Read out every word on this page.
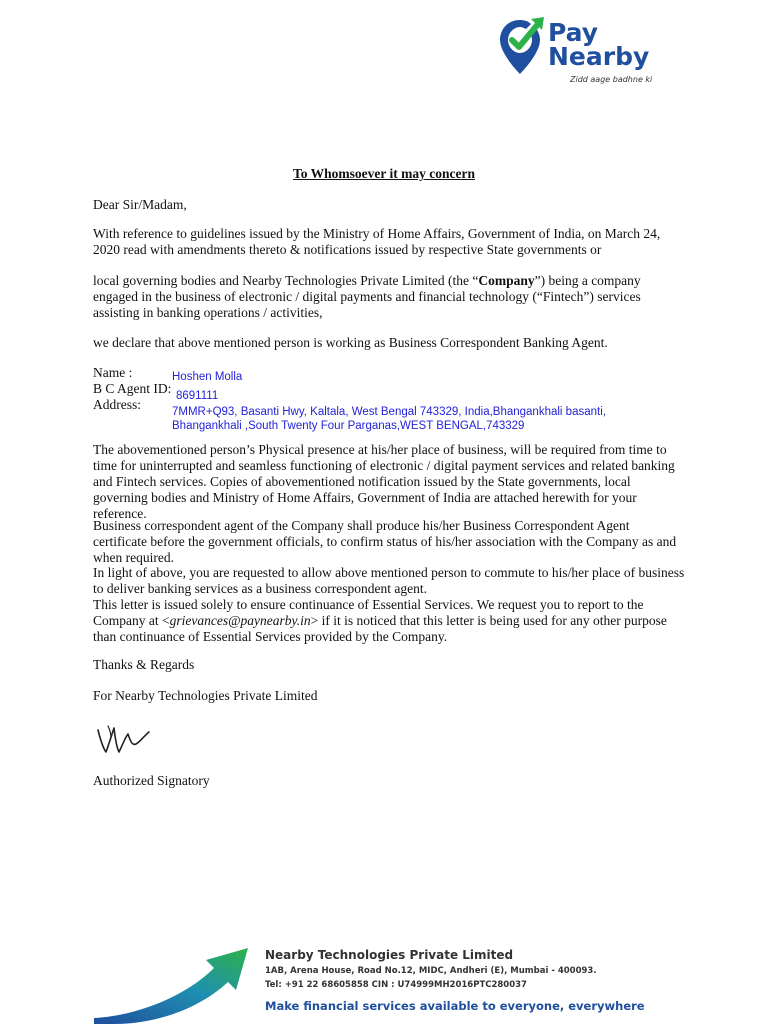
Pay
Nearby
Zidd aage badhne ki
To Whomsoever it may concern

Dear Sir/Madam,

With reference to guidelines issued by the Ministry of Home Affairs, Government of India, on March 24, 2020 read with amendments thereto & notifications issued by respective State governments or

local governing bodies and Nearby Technologies Private Limited (the “Company”) being a company engaged in the business of electronic / digital payments and financial technology (“Fintech”) services assisting in banking operations / activities,

we declare that above mentioned person is working as Business Correspondent Banking Agent.

Name :	Hoshen Molla
B C Agent ID: 8691111
Address:	7MMR+Q93, Basanti Hwy, Kaltala, West Bengal 743329, India,Bhangankhali basanti,
Bhangankhali ,South Twenty Four Parganas,WEST BENGAL,743329

The abovementioned person’s Physical presence at his/her place of business, will be required from time to time for uninterrupted and seamless functioning of electronic / digital payment services and related banking and Fintech services. Copies of abovementioned notification issued by the State governments, local governing bodies and Ministry of Home Affairs, Government of India are attached herewith for your reference.

Business correspondent agent of the Company shall produce his/her Business Correspondent Agent certificate before the government officials, to confirm status of his/her association with the Company as and when required.

In light of above, you are requested to allow above mentioned person to commute to his/her place of business to deliver banking services as a business correspondent agent.

This letter is issued solely to ensure continuance of Essential Services. We request you to report to the Company at <grievances@paynearby.in> if it is noticed that this letter is being used for any other purpose than continuance of Essential Services provided by the Company.

Thanks & Regards

For Nearby Technologies Private Limited

Authorized Signatory

Nearby Technologies Private Limited
1AB, Arena House, Road No.12, MIDC, Andheri (E), Mumbai - 400093.
Tel: +91 22 68605858 CIN : U74999MH2016PTC280037
Make financial services available to everyone, everywhere
